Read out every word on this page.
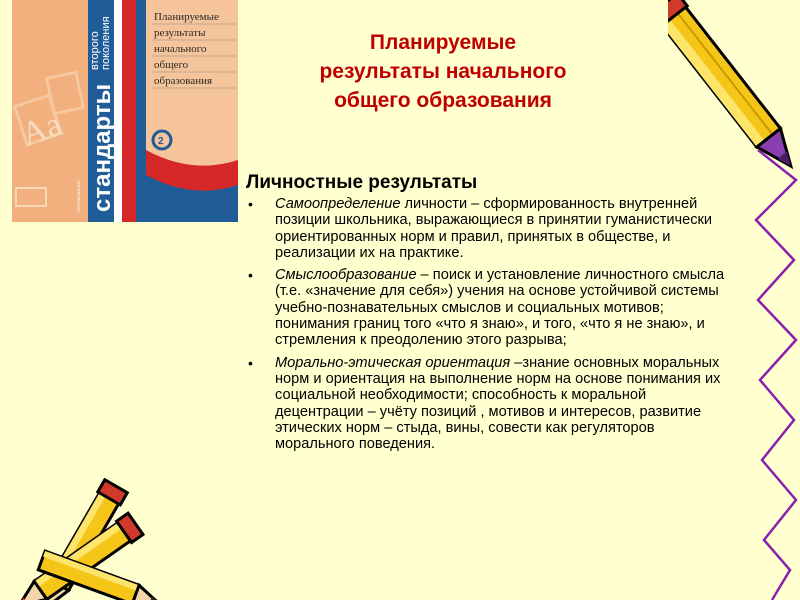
Aa стандарты
второго поколения	Планируемые
результаты
начального
общего
образования
2
ПРОСВЕЩЕНИЕ
Планируемые
результаты начального
общего образования
Личностные результаты
• Самоопределение личности – сформированность внутренней позиции школьника, выражающиеся в принятии гуманистически ориентированных норм и правил, принятых в обществе, и реализации их на практике.
• Смыслообразование – поиск и установление личностного смысла (т.е. «значение для себя») учения на основе устойчивой системы учебно-познавательных смыслов и социальных мотивов; понимания границ того «что я знаю», и того, «что я не знаю», и стремления к преодолению этого разрыва;
• Морально-этическая ориентация –знание основных моральных норм и ориентация на выполнение норм на основе понимания их социальной необходимости; способность к моральной децентрации – учёту позиций , мотивов и интересов, развитие этических норм – стыда, вины, совести как регуляторов морального поведения.
